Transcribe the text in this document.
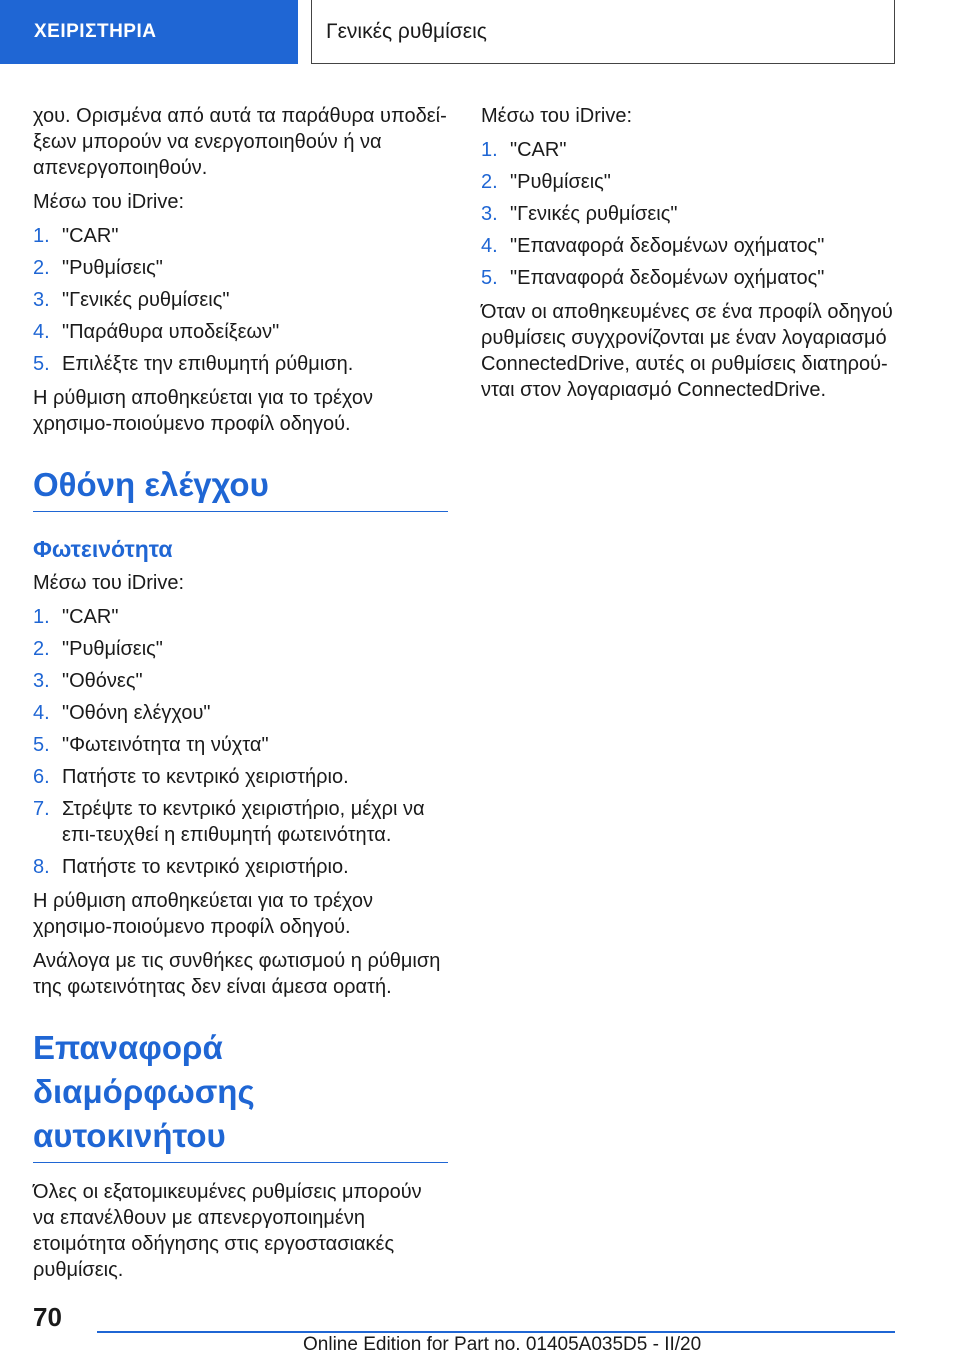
ΧΕΙΡΙΣΤΗΡΙΑ	Γενικές ρυθμίσεις

χου. Ορισμένα από αυτά τα παράθυρα υποδεί-ξεων μπορούν να ενεργοποιηθούν ή να απενεργοποιηθούν.

Μέσω του iDrive:

1. "CAR"
2. "Ρυθμίσεις"
3. "Γενικές ρυθμίσεις"
4. "Παράθυρα υποδείξεων"
5. Επιλέξτε την επιθυμητή ρύθμιση.

Η ρύθμιση αποθηκεύεται για το τρέχον χρησιμο-ποιούμενο προφίλ οδηγού.

Οθόνη ελέγχου
Φωτεινότητα

Μέσω του iDrive:

1. "CAR"
2. "Ρυθμίσεις"
3. "Οθόνες"
4. "Οθόνη ελέγχου"
5. "Φωτεινότητα τη νύχτα"
6. Πατήστε το κεντρικό χειριστήριο.
7. Στρέψτε το κεντρικό χειριστήριο, μέχρι να επι-τευχθεί η επιθυμητή φωτεινότητα.
8. Πατήστε το κεντρικό χειριστήριο.

Η ρύθμιση αποθηκεύεται για το τρέχον χρησιμο-ποιούμενο προφίλ οδηγού.

Ανάλογα με τις συνθήκες φωτισμού η ρύθμιση της φωτεινότητας δεν είναι άμεσα ορατή.

Επαναφορά διαμόρφωσης αυτοκινήτου

Όλες οι εξατομικευμένες ρυθμίσεις μπορούν να επανέλθουν με απενεργοποιημένη ετοιμότητα οδήγησης στις εργοστασιακές ρυθμίσεις.

Μέσω του iDrive:

1. "CAR"
2. "Ρυθμίσεις"
3. "Γενικές ρυθμίσεις"
4. "Επαναφορά δεδομένων οχήματος"
5. "Επαναφορά δεδομένων οχήματος"

Όταν οι αποθηκευμένες σε ένα προφίλ οδηγού ρυθμίσεις συγχρονίζονται με έναν λογαριασμό ConnectedDrive, αυτές οι ρυθμίσεις διατηρού-νται στον λογαριασμό ConnectedDrive.

70
Online Edition for Part no. 01405A035D5 - II/20
